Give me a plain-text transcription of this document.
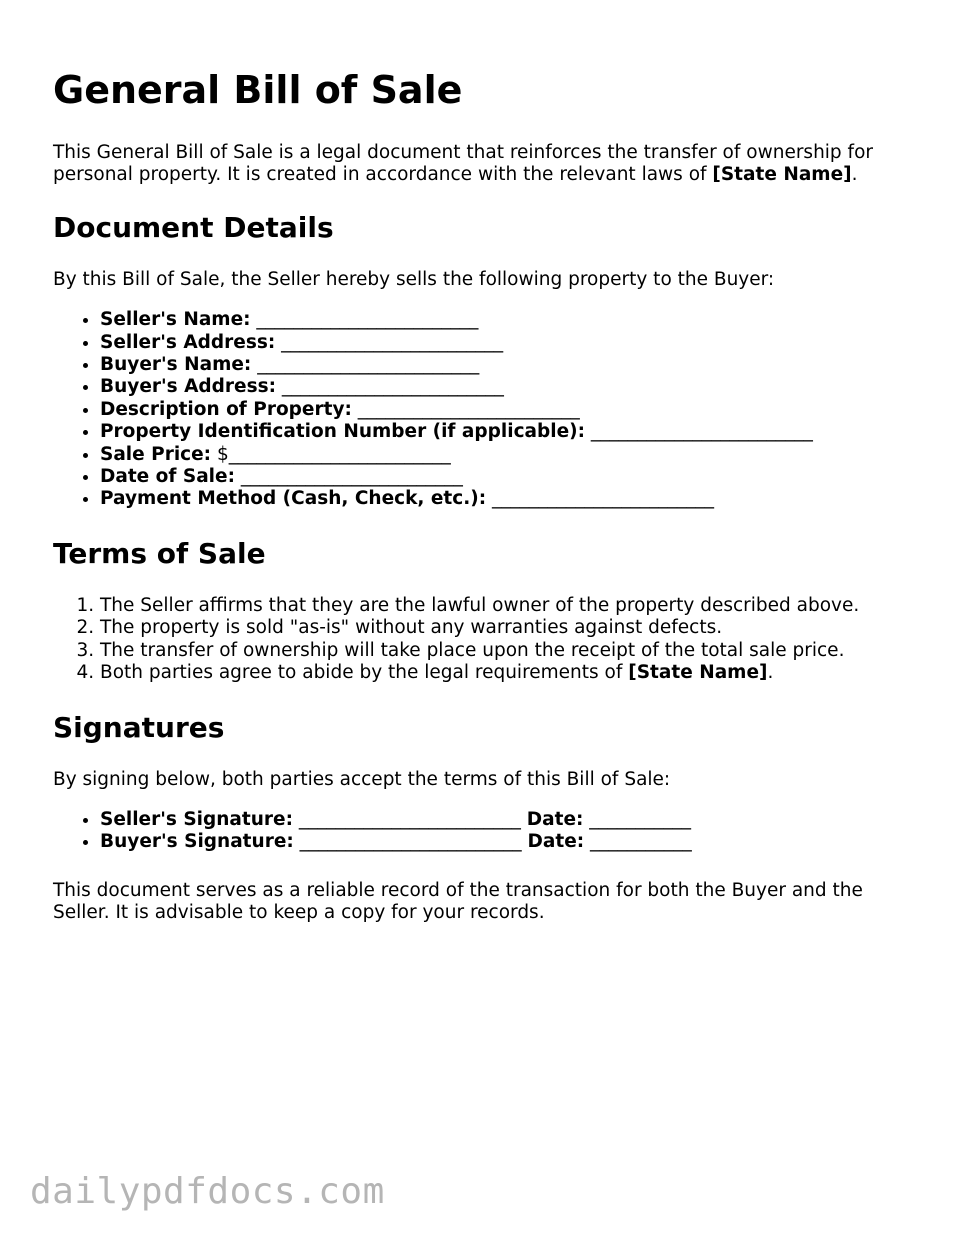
General Bill of Sale

This General Bill of Sale is a legal document that reinforces the transfer of ownership for personal property. It is created in accordance with the relevant laws of [State Name].

Document Details

By this Bill of Sale, the Seller hereby sells the following property to the Buyer:

• Seller's Name: ________________________
• Seller's Address: ________________________
• Buyer's Name: ________________________
• Buyer's Address: ________________________
• Description of Property: ________________________
• Property Identification Number (if applicable): ________________________
• Sale Price: $________________________
• Date of Sale: ________________________
• Payment Method (Cash, Check, etc.): ________________________
Terms of Sale
1. The Seller affirms that they are the lawful owner of the property described above.
2. The property is sold "as-is" without any warranties against defects.
3. The transfer of ownership will take place upon the receipt of the total sale price.
4. Both parties agree to abide by the legal requirements of [State Name].
Signatures

By signing below, both parties accept the terms of this Bill of Sale:

• Seller's Signature: ________________________ Date: ___________
• Buyer's Signature: ________________________ Date: ___________

This document serves as a reliable record of the transaction for both the Buyer and the Seller. It is advisable to keep a copy for your records.

dailypdfdocs.com
